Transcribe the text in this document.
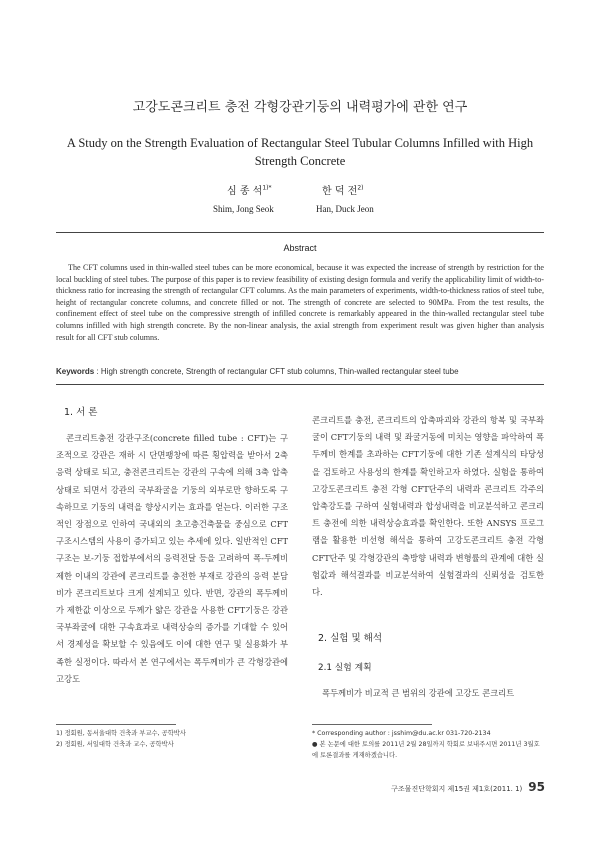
고강도콘크리트 충전 각형강관기둥의 내력평가에 관한 연구
A Study on the Strength Evaluation of Rectangular Steel Tubular Columns Infilled with High Strength Concrete
심 종 석$^{1)*}$	한 덕 전$^{2)}$
Shim, Jong Seok	Han, Duck Jeon
Abstract

The CFT columns used in thin-walled steel tubes can be more economical, because it was expected the increase of strength by restriction for the local buckling of steel tubes. The purpose of this paper is to review feasibility of existing design formula and verify the applicability limit of width-to-thickness ratio for increasing the strength of rectangular CFT columns. As the main parameters of experiments, width-to-thickness ratios of steel tube, height of rectangular concrete columns, and concrete filled or not. The strength of concrete are selected to 90MPa. From the test results, the confinement effect of steel tube on the compressive strength of infilled concrete is remarkably appeared in the thin-walled rectangular steel tube columns infilled with high strength concrete. By the non-linear analysis, the axial strength from experiment result was given higher than analysis result for all CFT stub columns.

Keywords : High strength concrete, Strength of rectangular CFT stub columns, Thin-walled rectangular steel tube
1. 서 론

콘크리트충전 강관구조(concrete filled tube : CFT)는 구조적으로 강관은 재하 시 단면팽창에 따른 횡압력을 받아서 2축 응력 상태로 되고, 충전콘크리트는 강관의 구속에 의해 3축 압축 상태로 되면서 강관의 국부좌굴을 기둥의 외부로만 향하도록 구속하므로 기둥의 내력을 향상시키는 효과를 얻는다. 이러한 구조적인 장점으로 인하여 국내외의 초고층건축물을 중심으로 CFT구조시스템의 사용이 증가되고 있는 추세에 있다. 일반적인 CFT구조는 보-기둥 접합부에서의 응력전달 등을 고려하여 폭-두께비 제한 이내의 강관에 콘크리트를 충전한 부재로 강관의 응력 분담비가 콘크리트보다 크게 설계되고 있다. 반면, 강관의 폭두께비가 제한값 이상으로 두께가 얇은 강관을 사용한 CFT기둥은 강관 국부좌굴에 대한 구속효과로 내력상승의 증가를 기대할 수 있어서 경제성을 확보할 수 있음에도 이에 대한 연구 및 실용화가 부족한 실정이다. 따라서 본 연구에서는 폭두께비가 큰 각형강관에 고강도

콘크리트를 충전, 콘크리트의 압축파괴와 강관의 항복 및 국부좌굴이 CFT기둥의 내력 및 좌굴거동에 미치는 영향을 파악하여 폭두께비 한계를 초과하는 CFT기둥에 대한 기존 설계식의 타당성을 검토하고 사용성의 한계를 확인하고자 하였다. 실험을 통하여 고강도콘크리트 충전 각형 CFT단주의 내력과 콘크리트 각주의 압축강도를 구하여 실험내력과 합성내력을 비교분석하고 콘크리트 충전에 의한 내력상승효과를 확인한다. 또한 ANSYS 프로그램을 활용한 비선형 해석을 통하여 고강도콘크리트 충전 각형 CFT단주 및 각형강관의 축방향 내력과 변형률의 관계에 대한 실험값과 해석결과를 비교분석하여 실험결과의 신뢰성을 검토한다.

2. 실험 및 해석
2.1 실험 계획

폭두께비가 비교적 큰 범위의 강관에 고강도 콘크리트

1) 정회원, 동서울대학 건축과 부교수, 공학박사

2) 정회원, 서일대학 건축과 교수, 공학박사

* Corresponding author : jsshim@du.ac.kr 031-720-2134

● 본 논문에 대한 토의를 2011년 2월 28일까지 학회로 보내주시면 2011년 3월호에 토론결과를 게재하겠습니다.

구조물진단학회지 제15권 제1호(2011. 1) 95
